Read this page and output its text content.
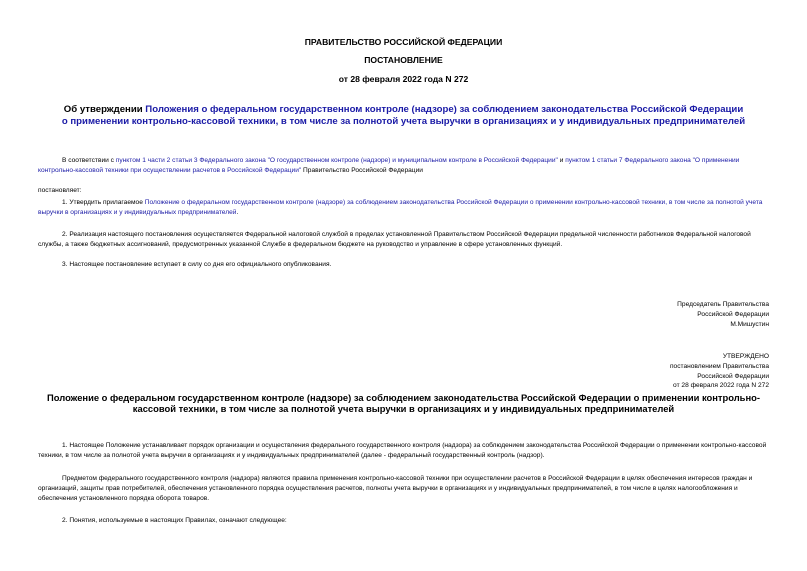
ПРАВИТЕЛЬСТВО РОССИЙСКОЙ ФЕДЕРАЦИИ
ПОСТАНОВЛЕНИЕ
от 28 февраля 2022 года N 272
Об утверждении Положения о федеральном государственном контроле (надзоре) за соблюдением законодательства Российской Федерации о применении контрольно-кассовой техники, в том числе за полнотой учета выручки в организациях и у индивидуальных предпринимателей
В соответствии с пунктом 1 части 2 статьи 3 Федерального закона "О государственном контроле (надзоре) и муниципальном контроле в Российской Федерации" и пунктом 1 статьи 7 Федерального закона "О применении контрольно-кассовой техники при осуществлении расчетов в Российской Федерации" Правительство Российской Федерации
постановляет:
1. Утвердить прилагаемое Положение о федеральном государственном контроле (надзоре) за соблюдением законодательства Российской Федерации о применении контрольно-кассовой техники, в том числе за полнотой учета выручки в организациях и у индивидуальных предпринимателей.
2. Реализация настоящего постановления осуществляется Федеральной налоговой службой в пределах установленной Правительством Российской Федерации предельной численности работников Федеральной налоговой службы, а также бюджетных ассигнований, предусмотренных указанной Службе в федеральном бюджете на руководство и управление в сфере установленных функций.
3. Настоящее постановление вступает в силу со дня его официального опубликования.
Председатель Правительства
Российской Федерации
М.Мишустин
УТВЕРЖДЕНО
постановлением Правительства
Российской Федерации
от 28 февраля 2022 года N 272
Положение о федеральном государственном контроле (надзоре) за соблюдением законодательства Российской Федерации о применении контрольно-кассовой техники, в том числе за полнотой учета выручки в организациях и у индивидуальных предпринимателей
1. Настоящее Положение устанавливает порядок организации и осуществления федерального государственного контроля (надзора) за соблюдением законодательства Российской Федерации о применении контрольно-кассовой техники, в том числе за полнотой учета выручки в организациях и у индивидуальных предпринимателей (далее - федеральный государственный контроль (надзор).
Предметом федерального государственного контроля (надзора) являются правила применения контрольно-кассовой техники при осуществлении расчетов в Российской Федерации в целях обеспечения интересов граждан и организаций, защиты прав потребителей, обеспечения установленного порядка осуществления расчетов, полноты учета выручки в организациях и у индивидуальных предпринимателей, в том числе в целях налогообложения и обеспечения установленного порядка оборота товаров.
2. Понятия, используемые в настоящих Правилах, означают следующее:
